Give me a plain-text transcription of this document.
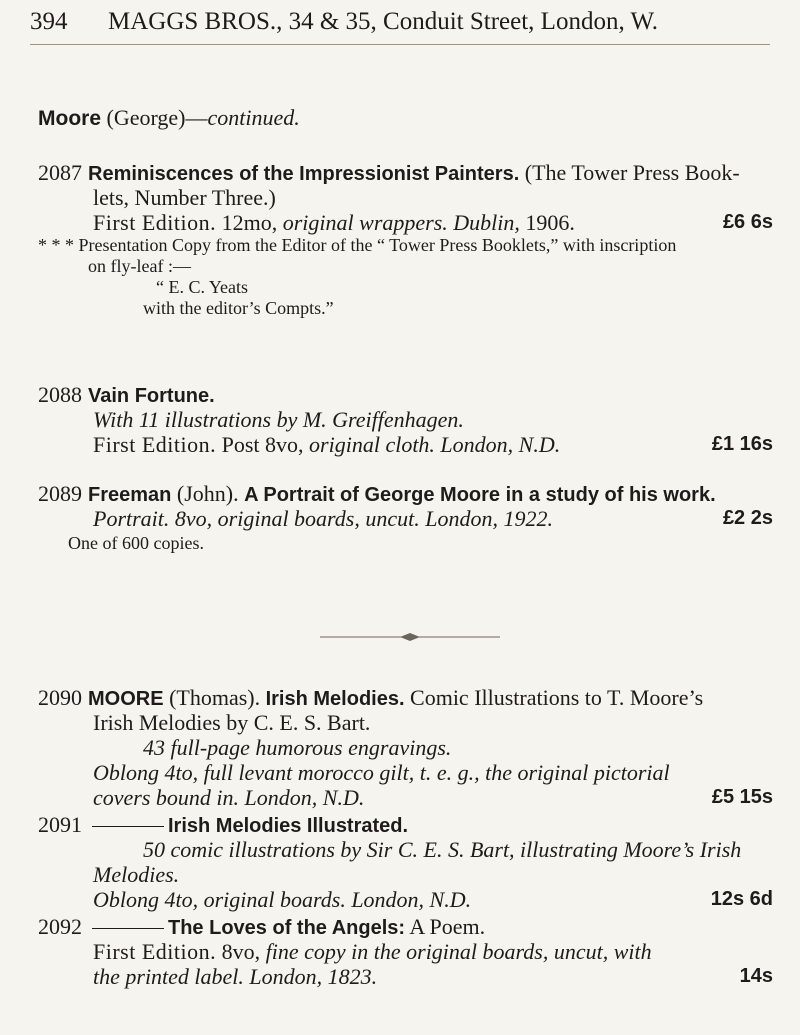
394 MAGGS BROS., 34 & 35, Conduit Street, London, W.
Moore (George)—continued.
2087 Reminiscences of the Impressionist Painters. (The Tower Press Book-
lets, Number Three.)
First Edition. 12mo, original wrappers. Dublin, 1906.	£6 6s
* * * Presentation Copy from the Editor of the “ Tower Press Booklets,” with inscription
on fly-leaf :—
“ E. C. Yeats
with the editor’s Compts.”
2088 Vain Fortune.
With 11 illustrations by M. Greiffenhagen.
First Edition. Post 8vo, original cloth. London, N.D.	£1 16s
2089 Freeman (John). A Portrait of George Moore in a study of his work.
Portrait. 8vo, original boards, uncut. London, 1922.	£2 2s
One of 600 copies.
2090 MOORE (Thomas). Irish Melodies. Comic Illustrations to T. Moore’s
Irish Melodies by C. E. S. Bart.
43 full-page humorous engravings.
Oblong 4to, full levant morocco gilt, t. e. g., the original pictorial
covers bound in. London, N.D.	£5 15s
2091	Irish Melodies Illustrated.
50 comic illustrations by Sir C. E. S. Bart, illustrating Moore’s Irish
Melodies.
Oblong 4to, original boards. London, N.D.	12s 6d
2092	The Loves of the Angels: A Poem.
First Edition. 8vo, fine copy in the original boards, uncut, with
the printed label. London, 1823.	14s
